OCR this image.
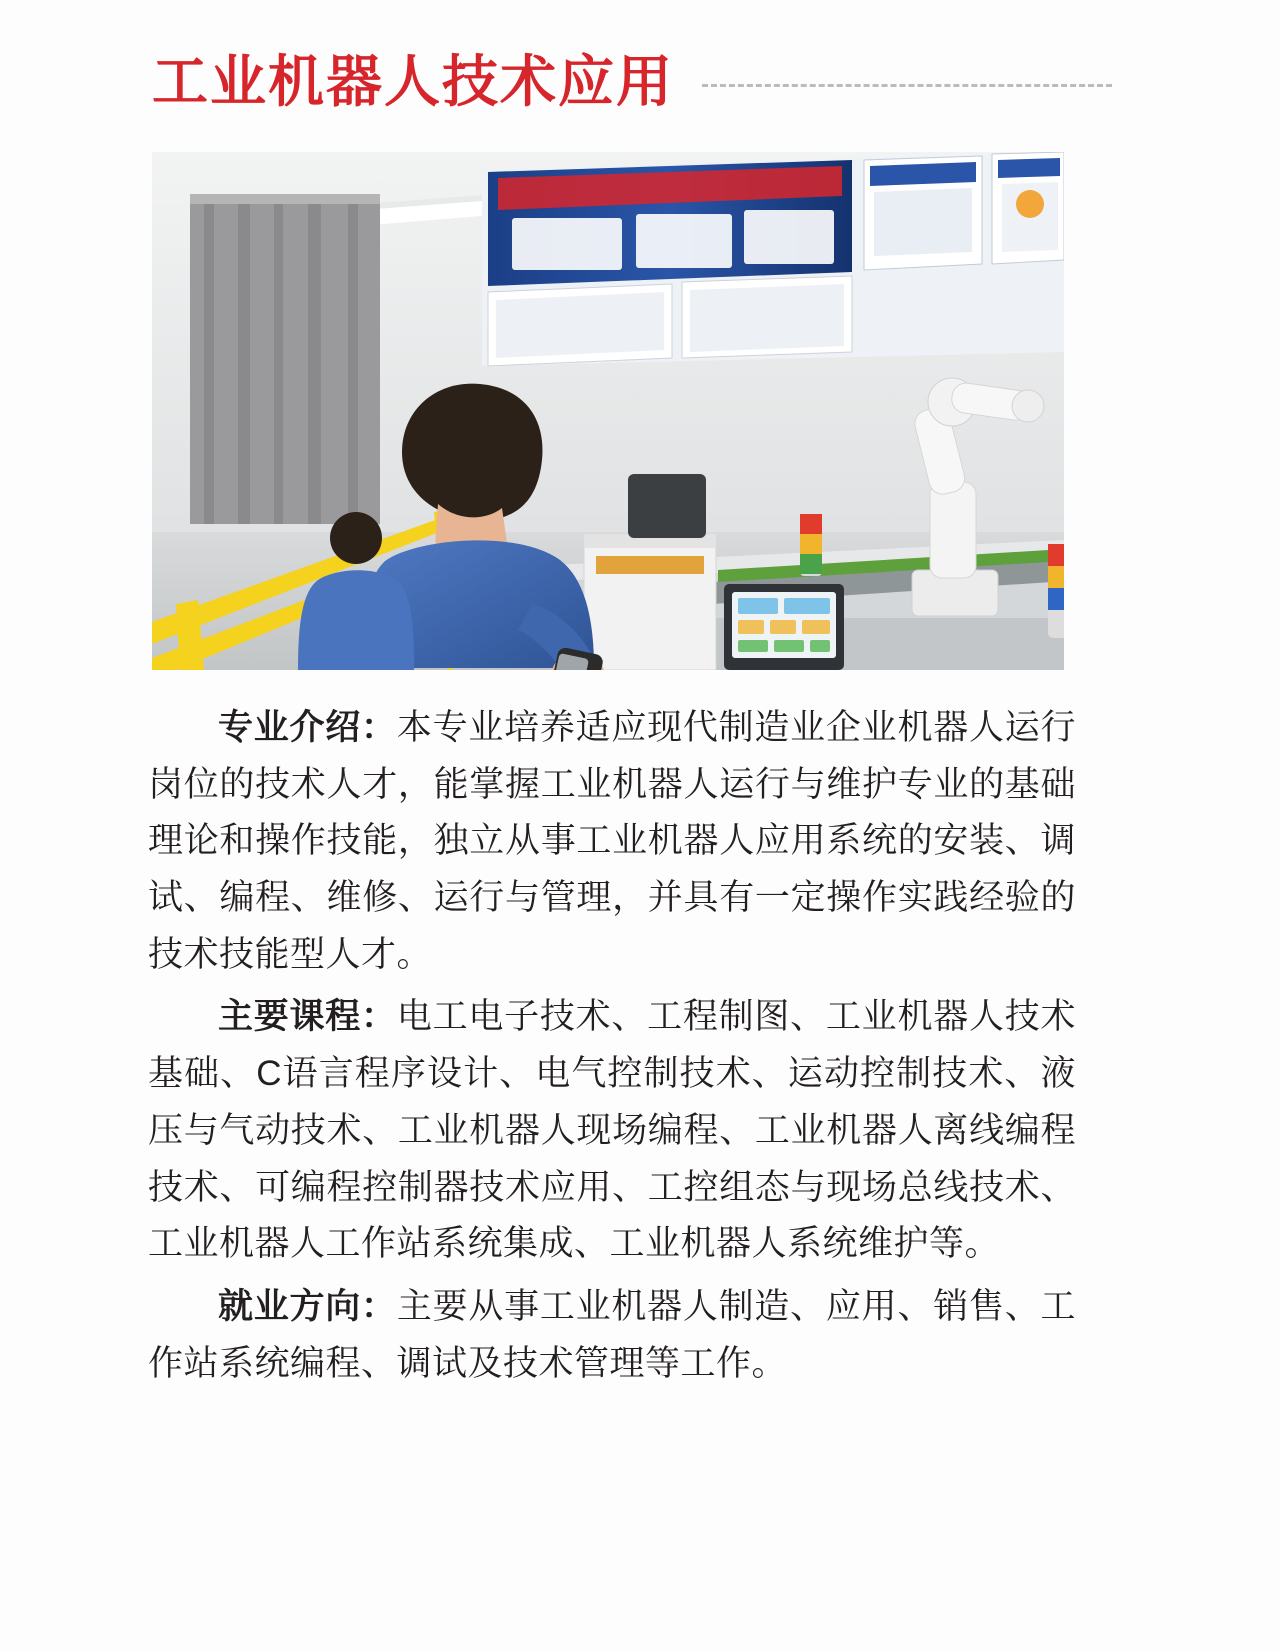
工业机器人技术应用

专业介绍：本专业培养适应现代制造业企业机器人运行岗位的技术人才，能掌握工业机器人运行与维护专业的基础理论和操作技能，独立从事工业机器人应用系统的安装、调试、编程、维修、运行与管理，并具有一定操作实践经验的技术技能型人才。

主要课程：电工电子技术、工程制图、工业机器人技术基础、C语言程序设计、电气控制技术、运动控制技术、液压与气动技术、工业机器人现场编程、工业机器人离线编程技术、可编程控制器技术应用、工控组态与现场总线技术、工业机器人工作站系统集成、工业机器人系统维护等。

就业方向：主要从事工业机器人制造、应用、销售、工作站系统编程、调试及技术管理等工作。
